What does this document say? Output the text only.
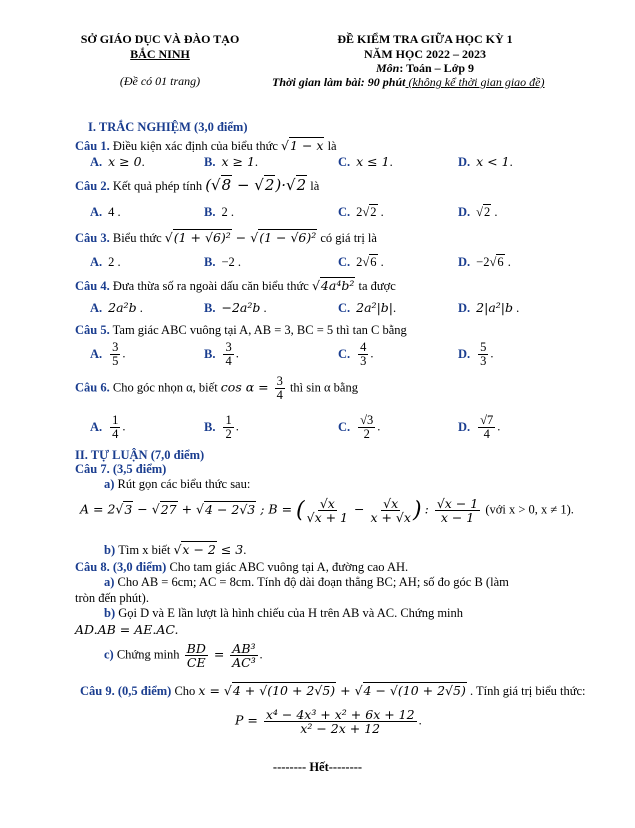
SỞ GIÁO DỤC VÀ ĐÀO TẠO
BẮC NINH
(Đề có 01 trang)
ĐỀ KIỂM TRA GIỮA HỌC KỲ 1
NĂM HỌC 2022 – 2023
Môn: Toán – Lớp 9
Thời gian làm bài: 90 phút (không kể thời gian giao đề)
I. TRẮC NGHIỆM (3,0 điểm)
Câu 1. Điều kiện xác định của biểu thức √1 − x là
A. x ≥ 0.	B. x ≥ 1.	C. x ≤ 1.	D. x < 1.
Câu 2. Kết quả phép tính (√8 − √2)·√2 là
A. 4 .	B. 2 .	C. 2√2 .	D. √2 .
Câu 3. Biểu thức √(1 + √6)² − √(1 − √6)² có giá trị là
A. 2 .	B. −2 .	C. 2√6 .	D. −2√6 .
Câu 4. Đưa thừa số ra ngoài dấu căn biểu thức √4a⁴b² ta được
A. 2a²b .	B. −2a²b .	C. 2a²|b|.	D. 2|a²|b .
Câu 5. Tam giác ABC vuông tại A, AB = 3, BC = 5 thì tan C bằng
A. $\frac{3}{5}$ .	B. $\frac{3}{4}$ .	C. $\frac{4}{3}$ .	D. $\frac{5}{3}$ .
Câu 6. Cho góc nhọn α, biết $\cos \alpha = \frac{3}{4}$ thì sin α bằng
A. $\frac{1}{4}$ .	B. $\frac{1}{2}$ .	C. $\frac{√3}{2}$ .	D. $\frac{√7}{4}$ .
II. TỰ LUẬN (7,0 điểm)
Câu 7. (3,5 điểm)
a) Rút gọn các biểu thức sau:
A = 2√3 − √27 + √4 − 2√3 ; B = ( $\frac{√x}{√x + 1} - \frac{√x}{x + √x}$ ) : $\frac{√x - 1}{x - 1}$ (với x > 0, x ≠ 1).
b) Tìm x biết √x − 2 ≤ 3.
Câu 8. (3,0 điểm) Cho tam giác ABC vuông tại A, đường cao AH.
a) Cho AB = 6cm; AC = 8cm. Tính độ dài đoạn thẳng BC; AH; số đo góc B (làm
tròn đến phút).
b) Gọi D và E lần lượt là hình chiếu của H trên AB và AC. Chứng minh
AD.AB = AE.AC.
c) Chứng minh $\frac{BD}{CE} = \frac{\text{AB³}}{\text{AC³}}$ .
Câu 9. (0,5 điểm) Cho x = √4 + √(10 + 2√5) + √4 − √(10 + 2√5) . Tính giá trị biểu thức:
$P = \frac{\text{x⁴ − 4x³ + x² + 6x + 12}}{\text{x² − 2x + 12}}$ .
-------- Hết--------
